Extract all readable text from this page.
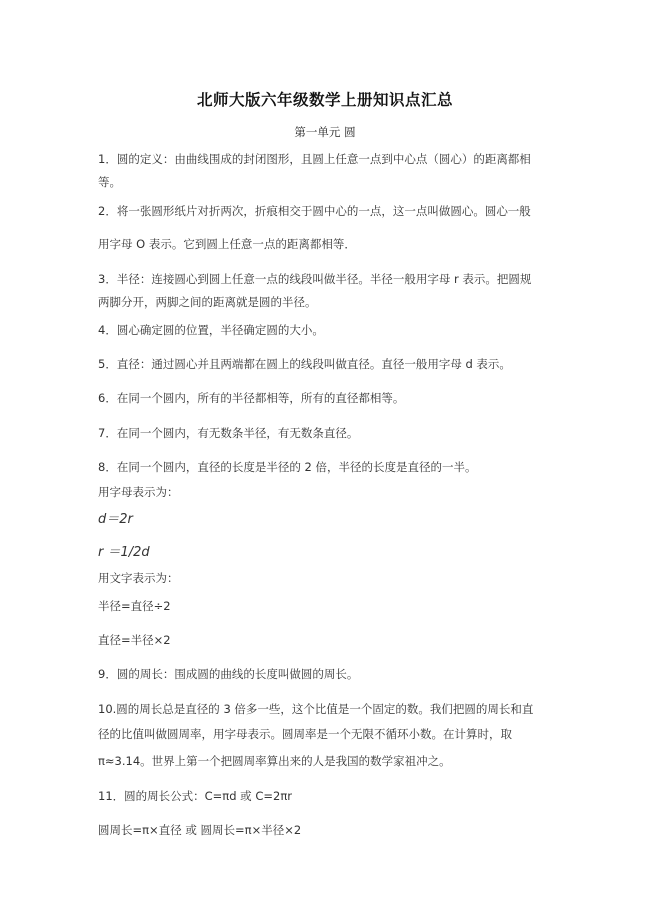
北师大版六年级数学上册知识点汇总
第一单元 圆
1．圆的定义：由曲线围成的封闭图形，且圆上任意一点到中心点（圆心）的距离都相
等。
2．将一张圆形纸片对折两次，折痕相交于圆中心的一点，这一点叫做圆心。圆心一般
用字母 O 表示。它到圆上任意一点的距离都相等．
3．半径：连接圆心到圆上任意一点的线段叫做半径。半径一般用字母 r 表示。把圆规
两脚分开，两脚之间的距离就是圆的半径。
4．圆心确定圆的位置，半径确定圆的大小。
5．直径：通过圆心并且两端都在圆上的线段叫做直径。直径一般用字母 d 表示。
6．在同一个圆内，所有的半径都相等，所有的直径都相等。
7．在同一个圆内，有无数条半径，有无数条直径。
8．在同一个圆内，直径的长度是半径的 2 倍，半径的长度是直径的一半。
用字母表示为：
d＝2r
r ＝1/2d
用文字表示为：
半径=直径÷2
直径=半径×2
9．圆的周长：围成圆的曲线的长度叫做圆的周长。
10.圆的周长总是直径的 3 倍多一些，这个比值是一个固定的数。我们把圆的周长和直
径的比值叫做圆周率，用字母表示。圆周率是一个无限不循环小数。在计算时，取
π≈3.14。世界上第一个把圆周率算出来的人是我国的数学家祖冲之。
11．圆的周长公式：C=πd 或 C=2πr
圆周长=π×直径 或 圆周长=π×半径×2
